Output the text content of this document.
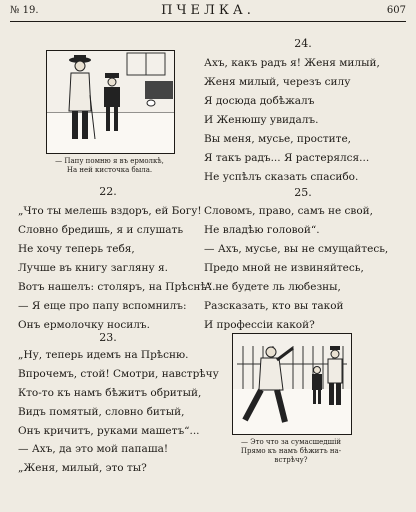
№ 19.	ПЧЕЛКА.	607
— Папу помню я въ ермолкѣ,
На ней кисточка была.
22.
„Что ты мелешь вздоръ, ей Богу!
Словно бредишь, я и слушать
Не хочу теперь тебя,
Лучше въ книгу загляну я.
Вотъ нашелъ: столяръ, на Прѣснѣ“.
— Я еще про папу вспомнилъ:
Онъ ермолочку носилъ.
23.
„Ну, теперь идемъ на Прѣсню.
Впрочемъ, стой! Смотри, навстрѣчу
Кто-то къ намъ бѣжитъ обритый,
Видъ помятый, словно битый,
Онъ кричитъ, руками машетъ“...
— Ахъ, да это мой папаша!
„Женя, милый, это ты?
24.
Ахъ, какъ радъ я! Женя милый,
Женя милый, черезъ силу
Я досюда добѣжалъ
И Женюшу увидалъ.
Вы меня, мусье, простите,
Я такъ радъ... Я растерялся...
Не успѣлъ сказать спасибо.
25.
Словомъ, право, самъ не свой,
Не владѣю головой“.
— Ахъ, мусье, вы не смущайтесь,
Предо мной не извиняйтесь,
А не будете ль любезны,
Разсказать, кто вы такой
И профессiи какой?
— Это что за сумасшедшiй
Прямо къ намъ бѣжитъ на-
встрѣчу?
